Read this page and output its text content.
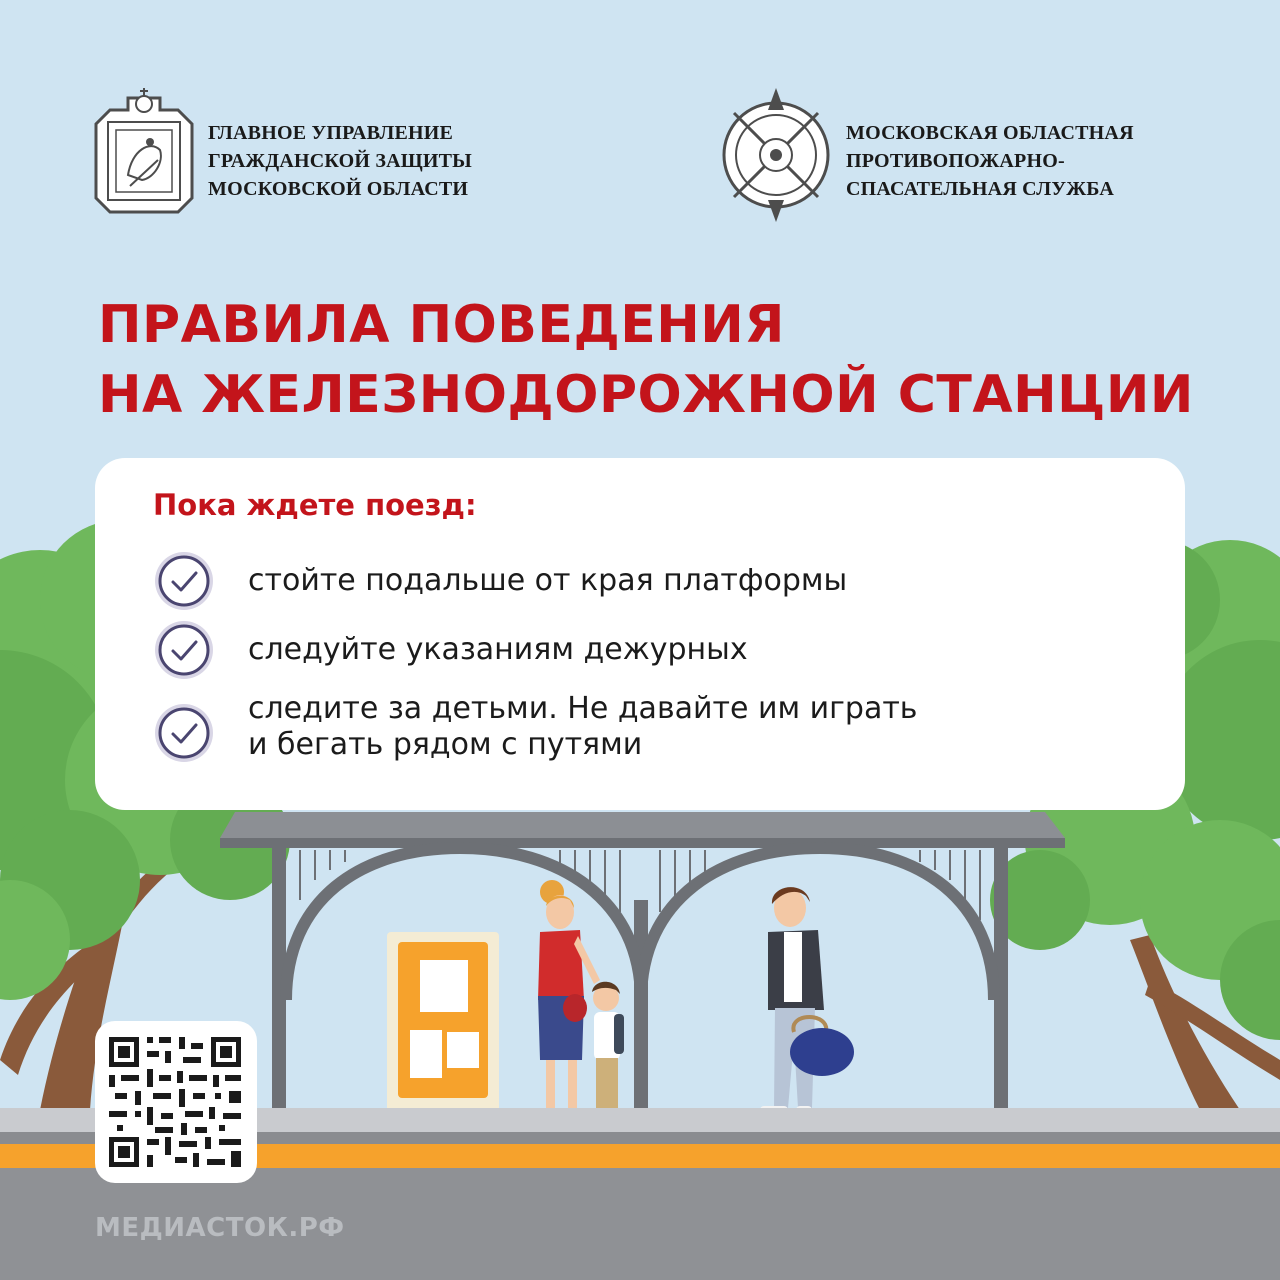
ГЛАВНОЕ УПРАВЛЕНИЕ
ГРАЖДАНСКОЙ ЗАЩИТЫ
МОСКОВСКОЙ ОБЛАСТИ
МОСКОВСКАЯ ОБЛАСТНАЯ
ПРОТИВОПОЖАРНО-
СПАСАТЕЛЬНАЯ СЛУЖБА
ПРАВИЛА ПОВЕДЕНИЯ
НА ЖЕЛЕЗНОДОРОЖНОЙ СТАНЦИИ
Пока ждете поезд:
стойте подальше от края платформы
следуйте указаниям дежурных
следите за детьми. Не давайте им играть
и бегать рядом с путями
МЕДИАСТОК.РФ
